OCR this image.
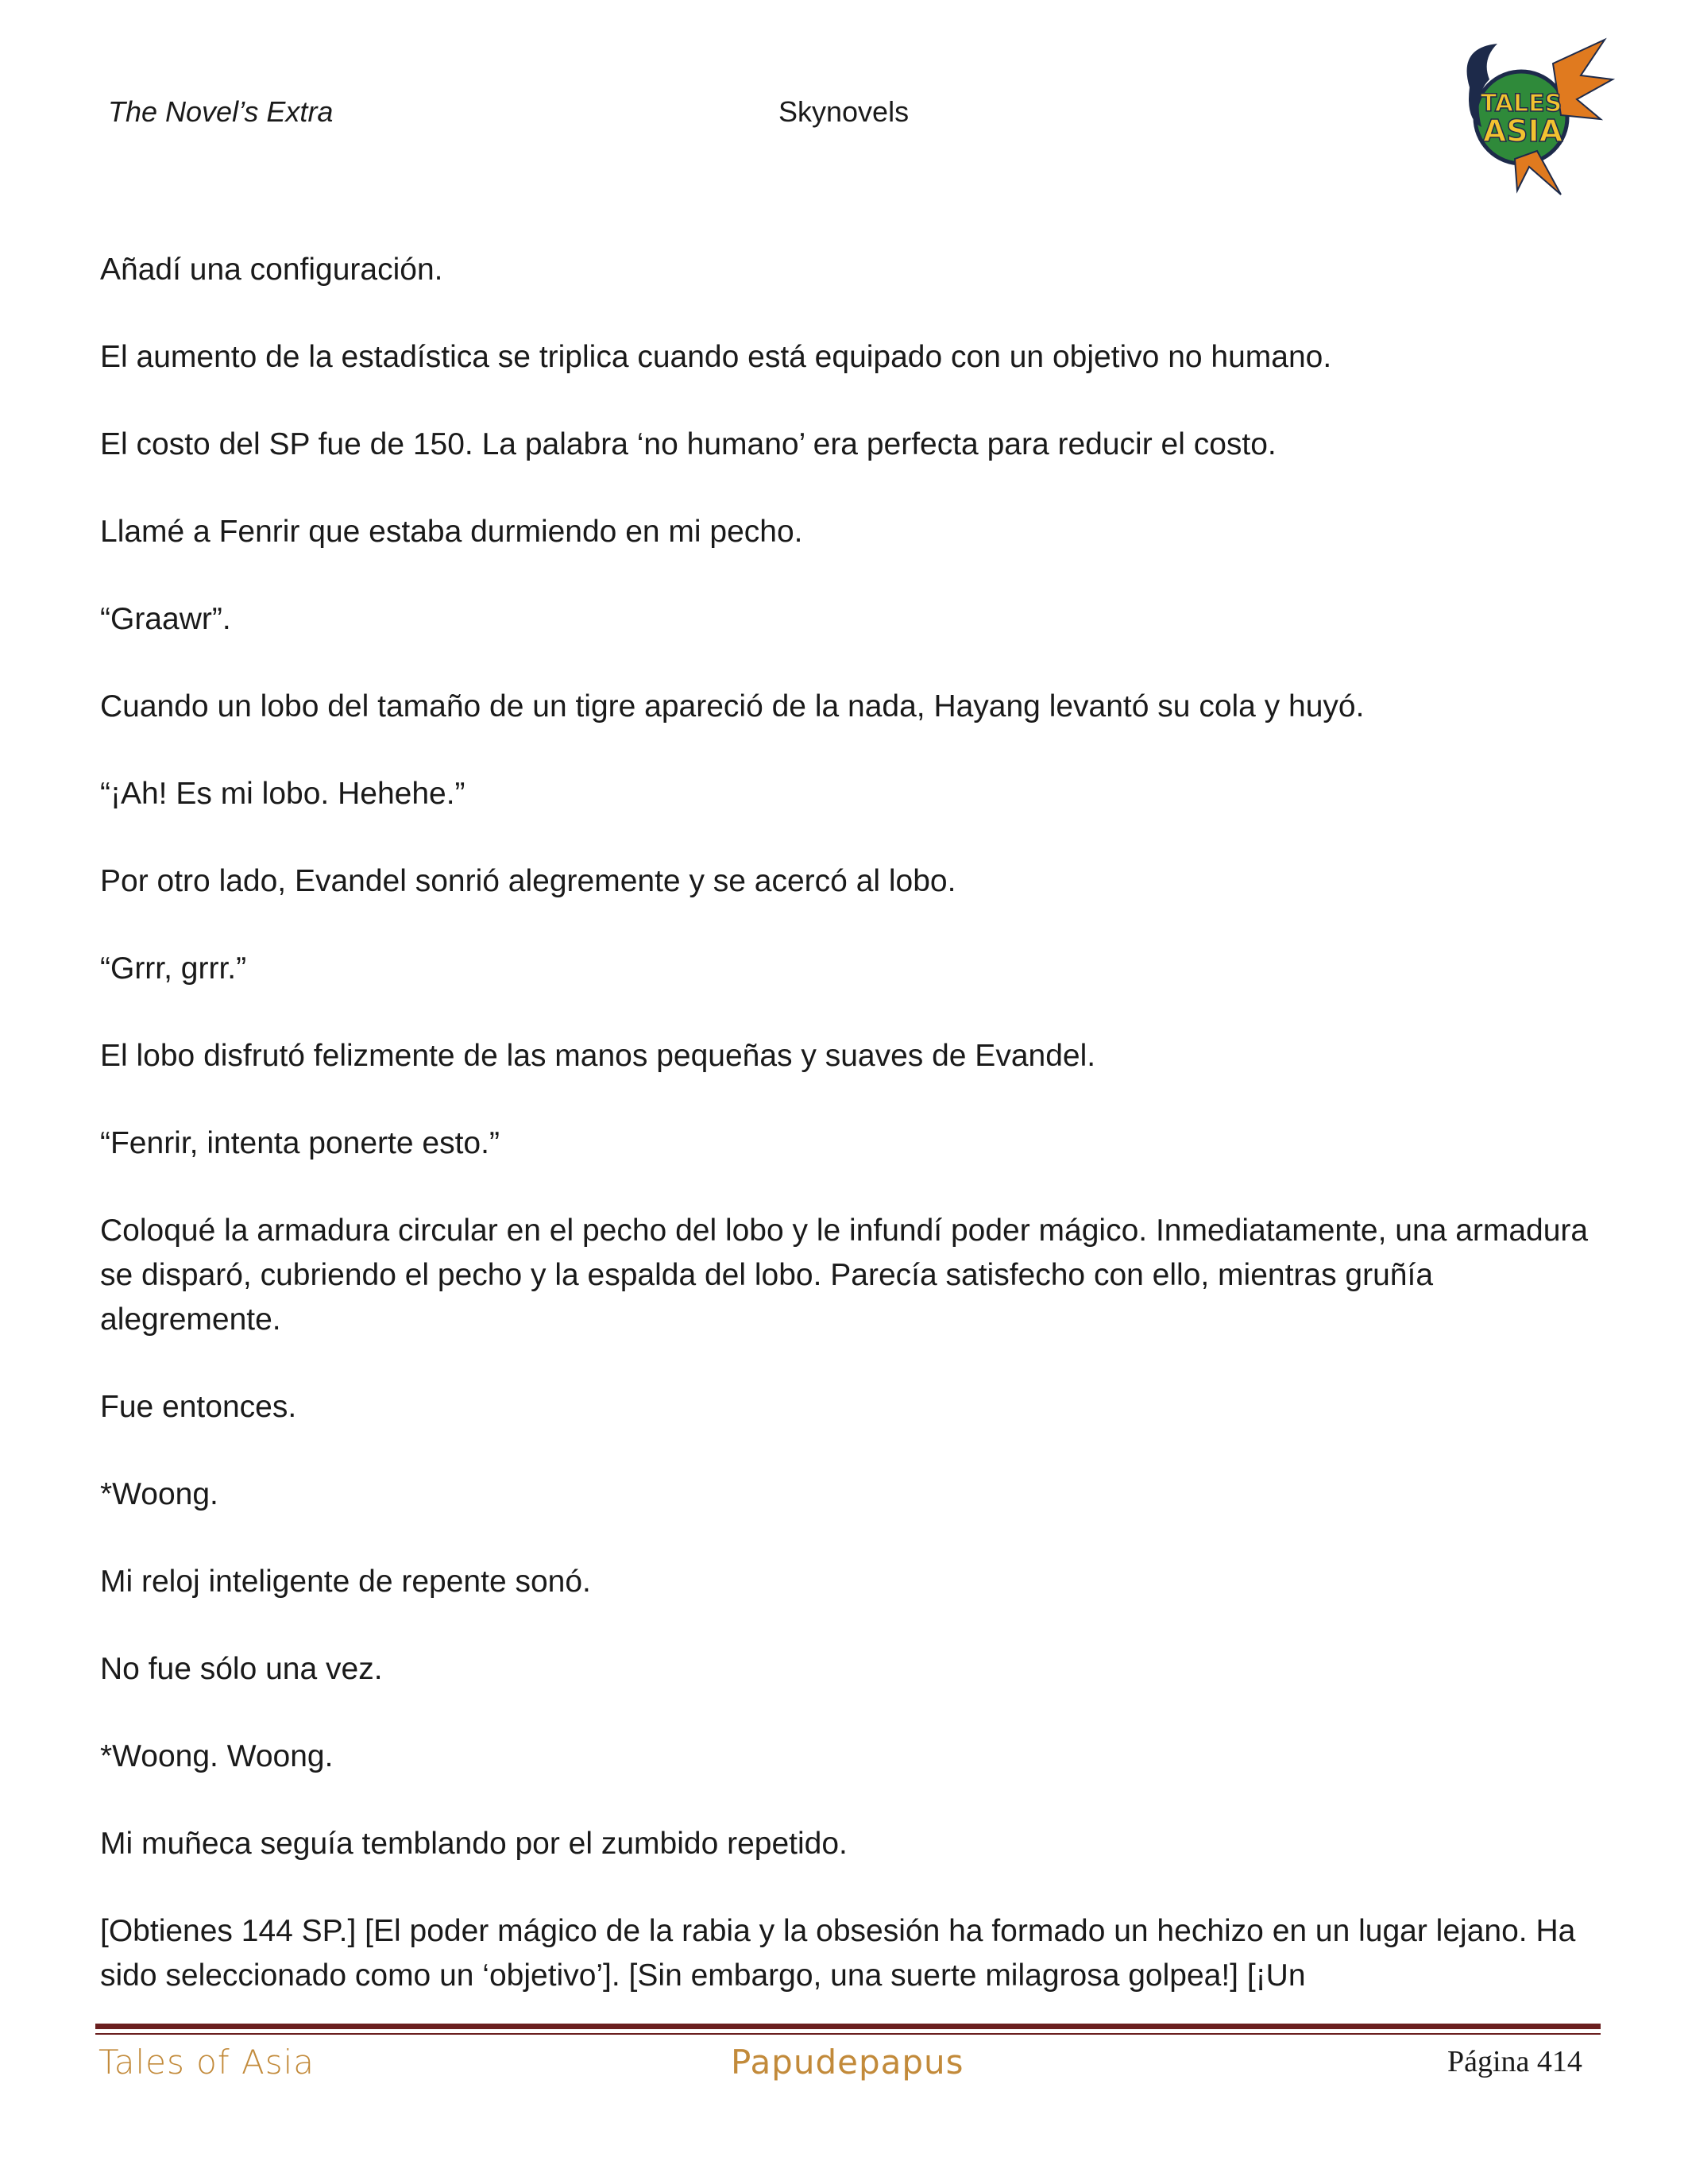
The Novel’s Extra	Skynovels	TALES
ASIA

Añadí una configuración.

El aumento de la estadística se triplica cuando está equipado con un objetivo no humano.

El costo del SP fue de 150. La palabra ‘no humano’ era perfecta para reducir el costo.

Llamé a Fenrir que estaba durmiendo en mi pecho.

“Graawr”.

Cuando un lobo del tamaño de un tigre apareció de la nada, Hayang levantó su cola y huyó.

“¡Ah! Es mi lobo. Hehehe.”

Por otro lado, Evandel sonrió alegremente y se acercó al lobo.

“Grrr, grrr.”

El lobo disfrutó felizmente de las manos pequeñas y suaves de Evandel.

“Fenrir, intenta ponerte esto.”

Coloqué la armadura circular en el pecho del lobo y le infundí poder mágico. Inmediatamente, una armadura se disparó, cubriendo el pecho y la espalda del lobo. Parecía satisfecho con ello, mientras gruñía alegremente.

Fue entonces.

*Woong.

Mi reloj inteligente de repente sonó.

No fue sólo una vez.

*Woong. Woong.

Mi muñeca seguía temblando por el zumbido repetido.

[Obtienes 144 SP.] [El poder mágico de la rabia y la obsesión ha formado un hechizo en un lugar lejano. Ha sido seleccionado como un ‘objetivo’]. [Sin embargo, una suerte milagrosa golpea!] [¡Un

Tales of Asia	Papudepapus	Página 414
